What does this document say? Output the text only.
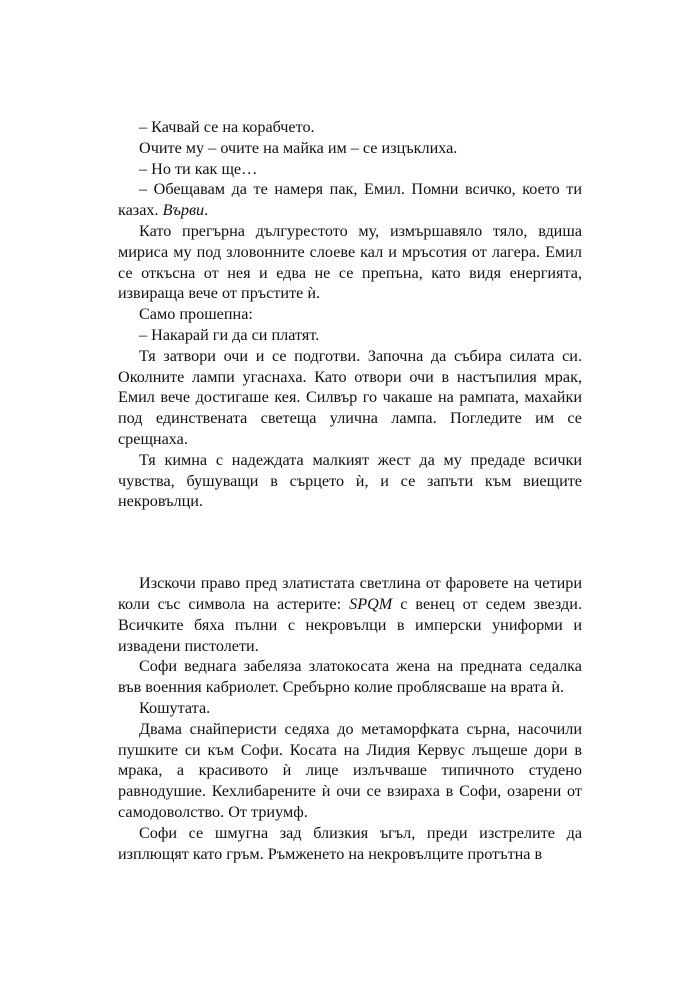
– Качвай се на корабчето.

Очите му – очите на майка им – се изцъклиха.

– Но ти как ще…

– Обещавам да те намеря пак, Емил. Помни всичко, което ти казах. Върви.

Като прегърна дългурестото му, измършавяло тяло, вдиша мириса му под зловонните слоеве кал и мръсотия от лагера. Емил се откъсна от нея и едва не се препъна, като видя енергията, извираща вече от пръстите ѝ.

Само прошепна:

– Накарай ги да си платят.

Тя затвори очи и се подготви. Започна да събира силата си. Околните лампи угаснаха. Като отвори очи в настъпилия мрак, Емил вече достигаше кея. Силвър го чакаше на рампата, махайки под единствената светеща улична лампа. Погледите им се срещнаха.

Тя кимна с надеждата малкият жест да му предаде всички чувства, бушуващи в сърцето ѝ, и се запъти към виещите некровълци.

Изскочи право пред златистата светлина от фаровете на четири коли със символа на астерите: SPQM с венец от седем звезди. Всичките бяха пълни с некровълци в имперски униформи и извадени пистолети.

Софи веднага забеляза златокосата жена на предната седалка във военния кабриолет. Сребърно колие проблясваше на врата ѝ.

Кошутата.

Двама снайперисти седяха до метаморфката сърна, насочили пушките си към Софи. Косата на Лидия Кервус лъщеше дори в мрака, а красивото ѝ лице излъчваше типичното студено равнодушие. Кехлибарените ѝ очи се взираха в Софи, озарени от самодоволство. От триумф.

Софи се шмугна зад близкия ъгъл, преди изстрелите да изплющят като гръм. Ръмженето на некровълците протътна в
